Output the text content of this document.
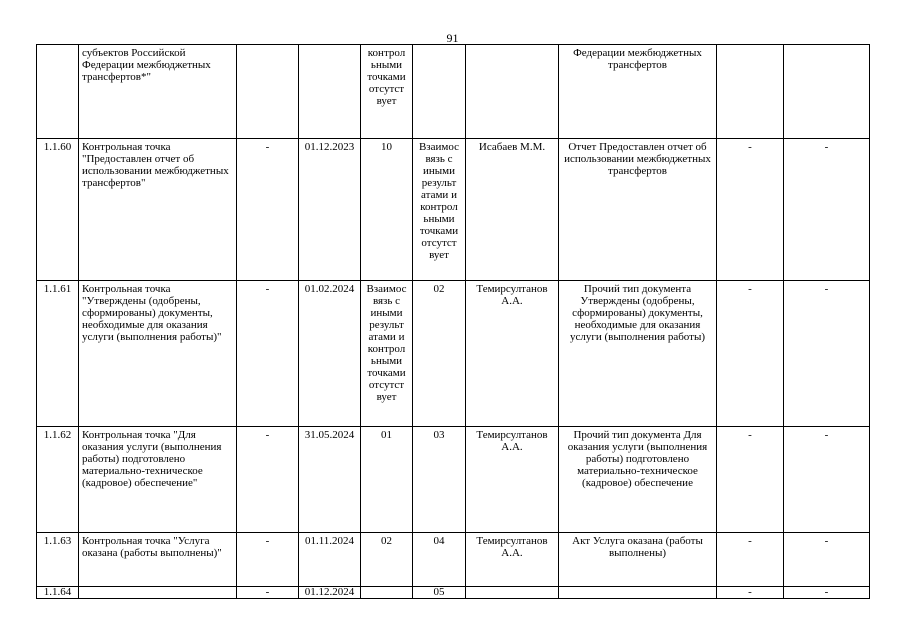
91
	субъектов Российской Федерации межбюджетных трансфертов*"			контрол ьными точками отсутст вует			Федерации межбюджетных трансфертов		
1.1.60	Контрольная точка "Предоставлен отчет об использовании межбюджетных трансфертов"	-	01.12.2023	10	Взаимос вязь с иными результ атами и контрол ьными точками отсутст вует	Исабаев М.М.	Отчет Предоставлен отчет об использовании межбюджетных трансфертов	-	-
1.1.61	Контрольная точка "Утверждены (одобрены, сформированы) документы, необходимые для оказания услуги (выполнения работы)"	-	01.02.2024	Взаимос вязь с иными результ атами и контрол ьными точками отсутст вует	02	Темирсултанов А.А.	Прочий тип документа Утверждены (одобрены, сформированы) документы, необходимые для оказания услуги (выполнения работы)	-	-
1.1.62	Контрольная точка "Для оказания услуги (выполнения работы) подготовлено материально-техническое (кадровое) обеспечение"	-	31.05.2024	01	03	Темирсултанов А.А.	Прочий тип документа Для оказания услуги (выполнения работы) подготовлено материально-техническое (кадровое) обеспечение	-	-
1.1.63	Контрольная точка "Услуга оказана (работы выполнены)"	-	01.11.2024	02	04	Темирсултанов А.А.	Акт Услуга оказана (работы выполнены)	-	-
1.1.64		-	01.12.2024		05			-	-
